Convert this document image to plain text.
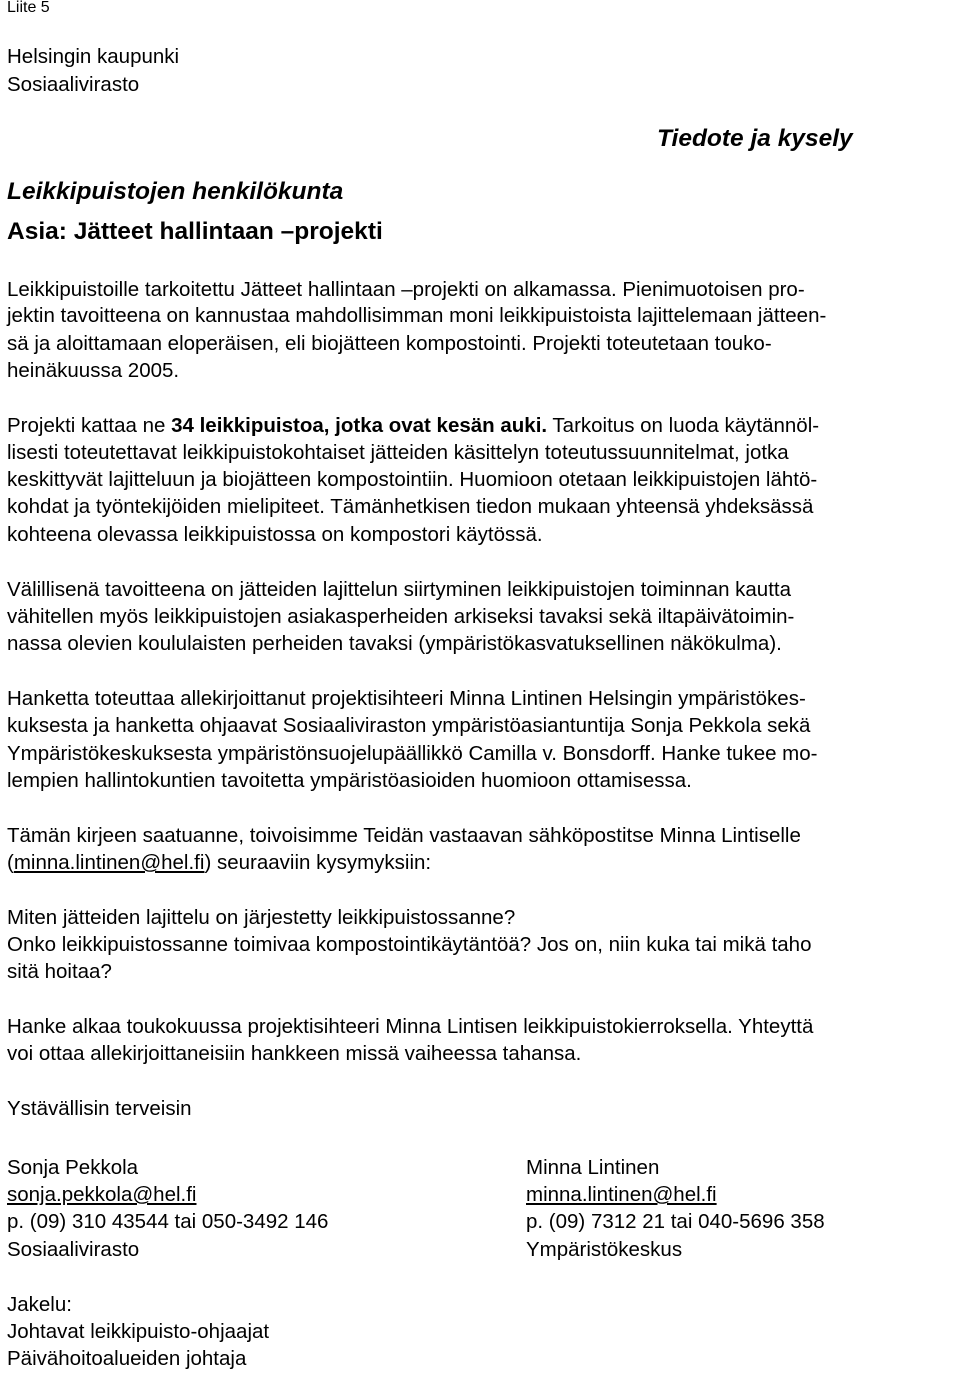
Liite 5

Helsingin kaupunki

Sosiaalivirasto

Tiedote ja kysely

Leikkipuistojen henkilökunta

Asia: Jätteet hallintaan –projekti

Leikkipuistoille tarkoitettu Jätteet hallintaan –projekti on alkamassa. Pienimuotoisen pro-

jektin tavoitteena on kannustaa mahdollisimman moni leikkipuistoista lajittelemaan jätteen-

sä ja aloittamaan eloperäisen, eli biojätteen kompostointi. Projekti toteutetaan touko-

heinäkuussa 2005.

Projekti kattaa ne 34 leikkipuistoa, jotka ovat kesän auki. Tarkoitus on luoda käytännöl-

lisesti toteutettavat leikkipuistokohtaiset jätteiden käsittelyn toteutussuunnitelmat, jotka

keskittyvät lajitteluun ja biojätteen kompostointiin. Huomioon otetaan leikkipuistojen lähtö-

kohdat ja työntekijöiden mielipiteet. Tämänhetkisen tiedon mukaan yhteensä yhdeksässä

kohteena olevassa leikkipuistossa on kompostori käytössä.

Välillisenä tavoitteena on jätteiden lajittelun siirtyminen leikkipuistojen toiminnan kautta

vähitellen myös leikkipuistojen asiakasperheiden arkiseksi tavaksi sekä iltapäivätoimin-

nassa olevien koululaisten perheiden tavaksi (ympäristökasvatuksellinen näkökulma).

Hanketta toteuttaa allekirjoittanut projektisihteeri Minna Lintinen Helsingin ympäristökes-

kuksesta ja hanketta ohjaavat Sosiaaliviraston ympäristöasiantuntija Sonja Pekkola sekä

Ympäristökeskuksesta ympäristönsuojelupäällikkö Camilla v. Bonsdorff. Hanke tukee mo-

lempien hallintokuntien tavoitetta ympäristöasioiden huomioon ottamisessa.

Tämän kirjeen saatuanne, toivoisimme Teidän vastaavan sähköpostitse Minna Lintiselle

(minna.lintinen@hel.fi) seuraaviin kysymyksiin:

Miten jätteiden lajittelu on järjestetty leikkipuistossanne?

Onko leikkipuistossanne toimivaa kompostointikäytäntöä? Jos on, niin kuka tai mikä taho

sitä hoitaa?

Hanke alkaa toukokuussa projektisihteeri Minna Lintisen leikkipuistokierroksella. Yhteyttä

voi ottaa allekirjoittaneisiin hankkeen missä vaiheessa tahansa.

Ystävällisin terveisin

Sonja Pekkola

sonja.pekkola@hel.fi

p. (09) 310 43544 tai 050-3492 146

Sosiaalivirasto

Minna Lintinen

minna.lintinen@hel.fi

p. (09) 7312 21 tai 040-5696 358

Ympäristökeskus

Jakelu:

Johtavat leikkipuisto-ohjaajat

Päivähoitoalueiden johtaja
